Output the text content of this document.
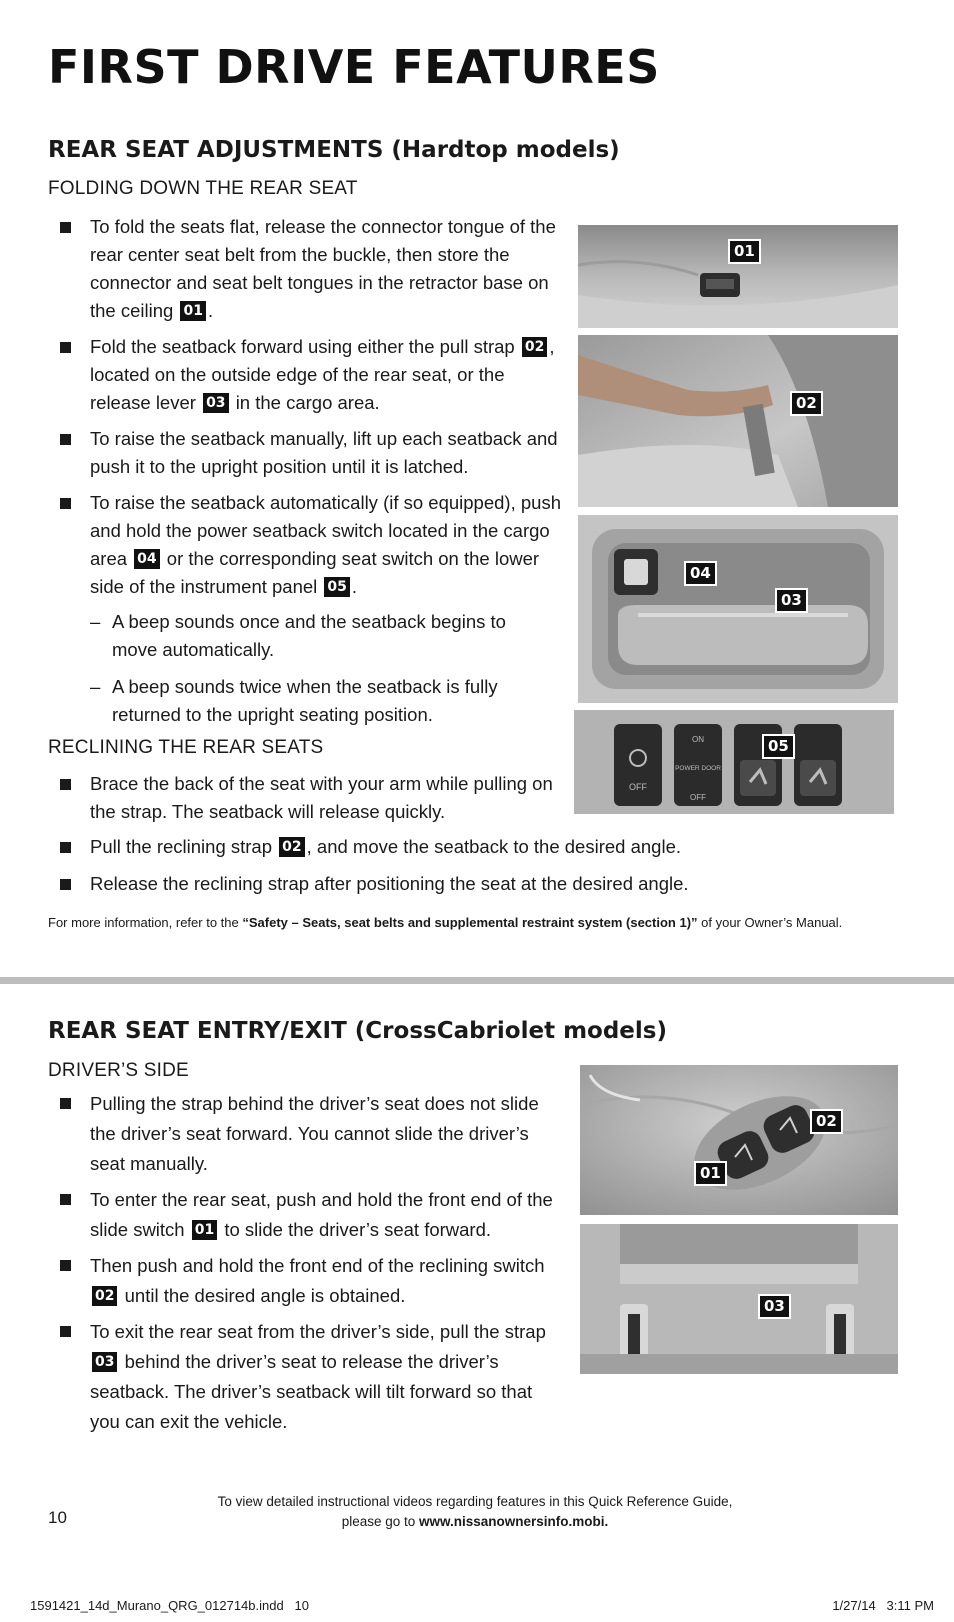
FIRST DRIVE FEATURES
REAR SEAT ADJUSTMENTS (Hardtop models)
FOLDING DOWN THE REAR SEAT
To fold the seats flat, release the connector tongue of the rear center seat belt from the buckle, then store the connector and seat belt tongues in the retractor base on the ceiling 01 .
Fold the seatback forward using either the pull strap 02 , located on the outside edge of the rear seat, or the release lever 03 in the cargo area.
To raise the seatback manually, lift up each seatback and push it to the upright position until it is latched.
To raise the seatback automatically (if so equipped), push and hold the power seatback switch located in the cargo area 04 or the corresponding seat switch on the lower side of the instrument panel 05 .
– A beep sounds once and the seatback begins to move automatically.
– A beep sounds twice when the seatback is fully returned to the upright seating position.
RECLINING THE REAR SEATS
Brace the back of the seat with your arm while pulling on the strap. The seatback will release quickly.
Pull the reclining strap 02 , and move the seatback to the desired angle.
Release the reclining strap after positioning the seat at the desired angle.
For more information, refer to the “Safety – Seats, seat belts and supplemental restraint system (section 1)” of your Owner’s Manual.
01
02
04
03
OFF
ON
POWER DOOR
OFF
05
REAR SEAT ENTRY/EXIT (CrossCabriolet models)
DRIVER’S SIDE
Pulling the strap behind the driver’s seat does not slide the driver’s seat forward. You cannot slide the driver’s seat manually.
To enter the rear seat, push and hold the front end of the slide switch 01 to slide the driver’s seat forward.
Then push and hold the front end of the reclining switch 02 until the desired angle is obtained.
To exit the rear seat from the driver’s side, pull the strap 03 behind the driver’s seat to release the driver’s seatback. The driver’s seatback will tilt forward so that you can exit the vehicle.
02
01
03
To view detailed instructional videos regarding features in this Quick Reference Guide,
please go to www.nissanownersinfo.mobi.
10
1591421_14d_Murano_QRG_012714b.indd   10	1/27/14   3:11 PM
